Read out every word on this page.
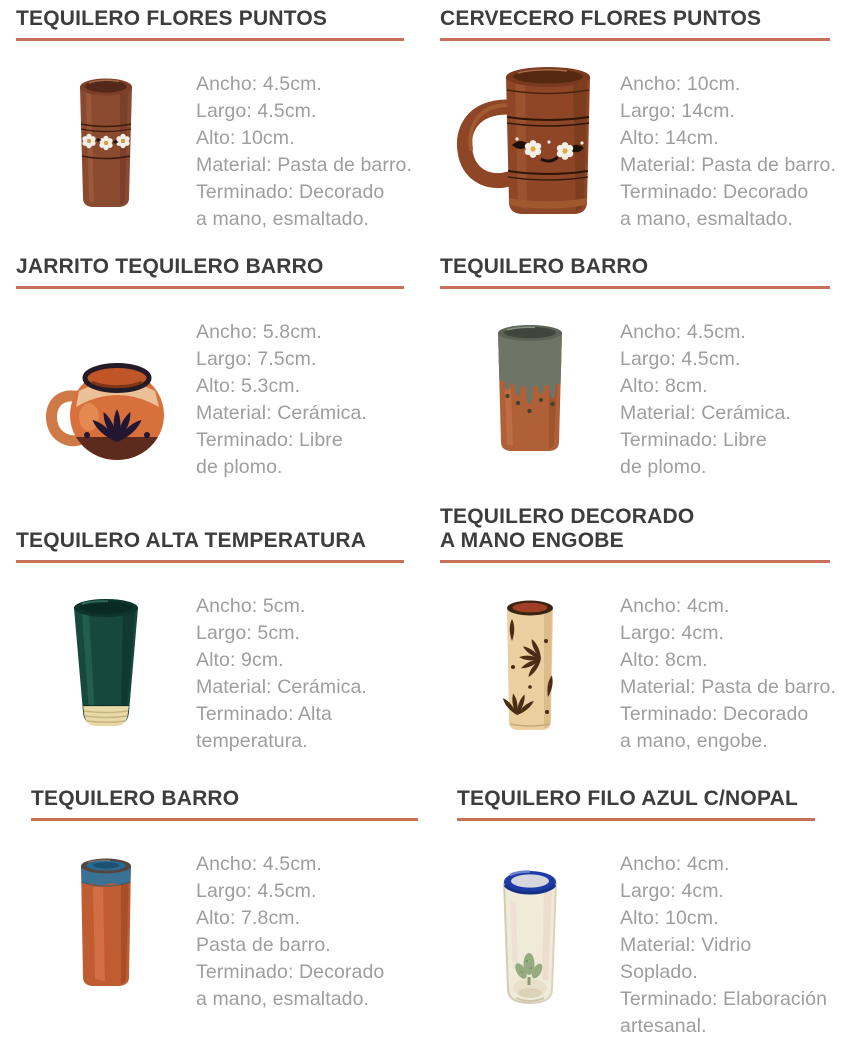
TEQUILERO FLORES PUNTOS
Ancho: 4.5cm.
Largo: 4.5cm.
Alto: 10cm.
Material: Pasta de barro.
Terminado: Decorado
a mano, esmaltado.
CERVECERO FLORES PUNTOS
Ancho: 10cm.
Largo: 14cm.
Alto: 14cm.
Material: Pasta de barro.
Terminado: Decorado
a mano, esmaltado.
JARRITO TEQUILERO BARRO
Ancho: 5.8cm.
Largo: 7.5cm.
Alto: 5.3cm.
Material: Cerámica.
Terminado: Libre
de plomo.
TEQUILERO BARRO
Ancho: 4.5cm.
Largo: 4.5cm.
Alto: 8cm.
Material: Cerámica.
Terminado: Libre
de plomo.
TEQUILERO ALTA TEMPERATURA
Ancho: 5cm.
Largo: 5cm.
Alto: 9cm.
Material: Cerámica.
Terminado: Alta
temperatura.
TEQUILERO DECORADO
A MANO ENGOBE
Ancho: 4cm.
Largo: 4cm.
Alto: 8cm.
Material: Pasta de barro.
Terminado: Decorado
a mano, engobe.
TEQUILERO BARRO
Ancho: 4.5cm.
Largo: 4.5cm.
Alto: 7.8cm.
Pasta de barro.
Terminado: Decorado
a mano, esmaltado.
TEQUILERO FILO AZUL C/NOPAL
Ancho: 4cm.
Largo: 4cm.
Alto: 10cm.
Material: Vidrio
Soplado.
Terminado: Elaboración
artesanal.
